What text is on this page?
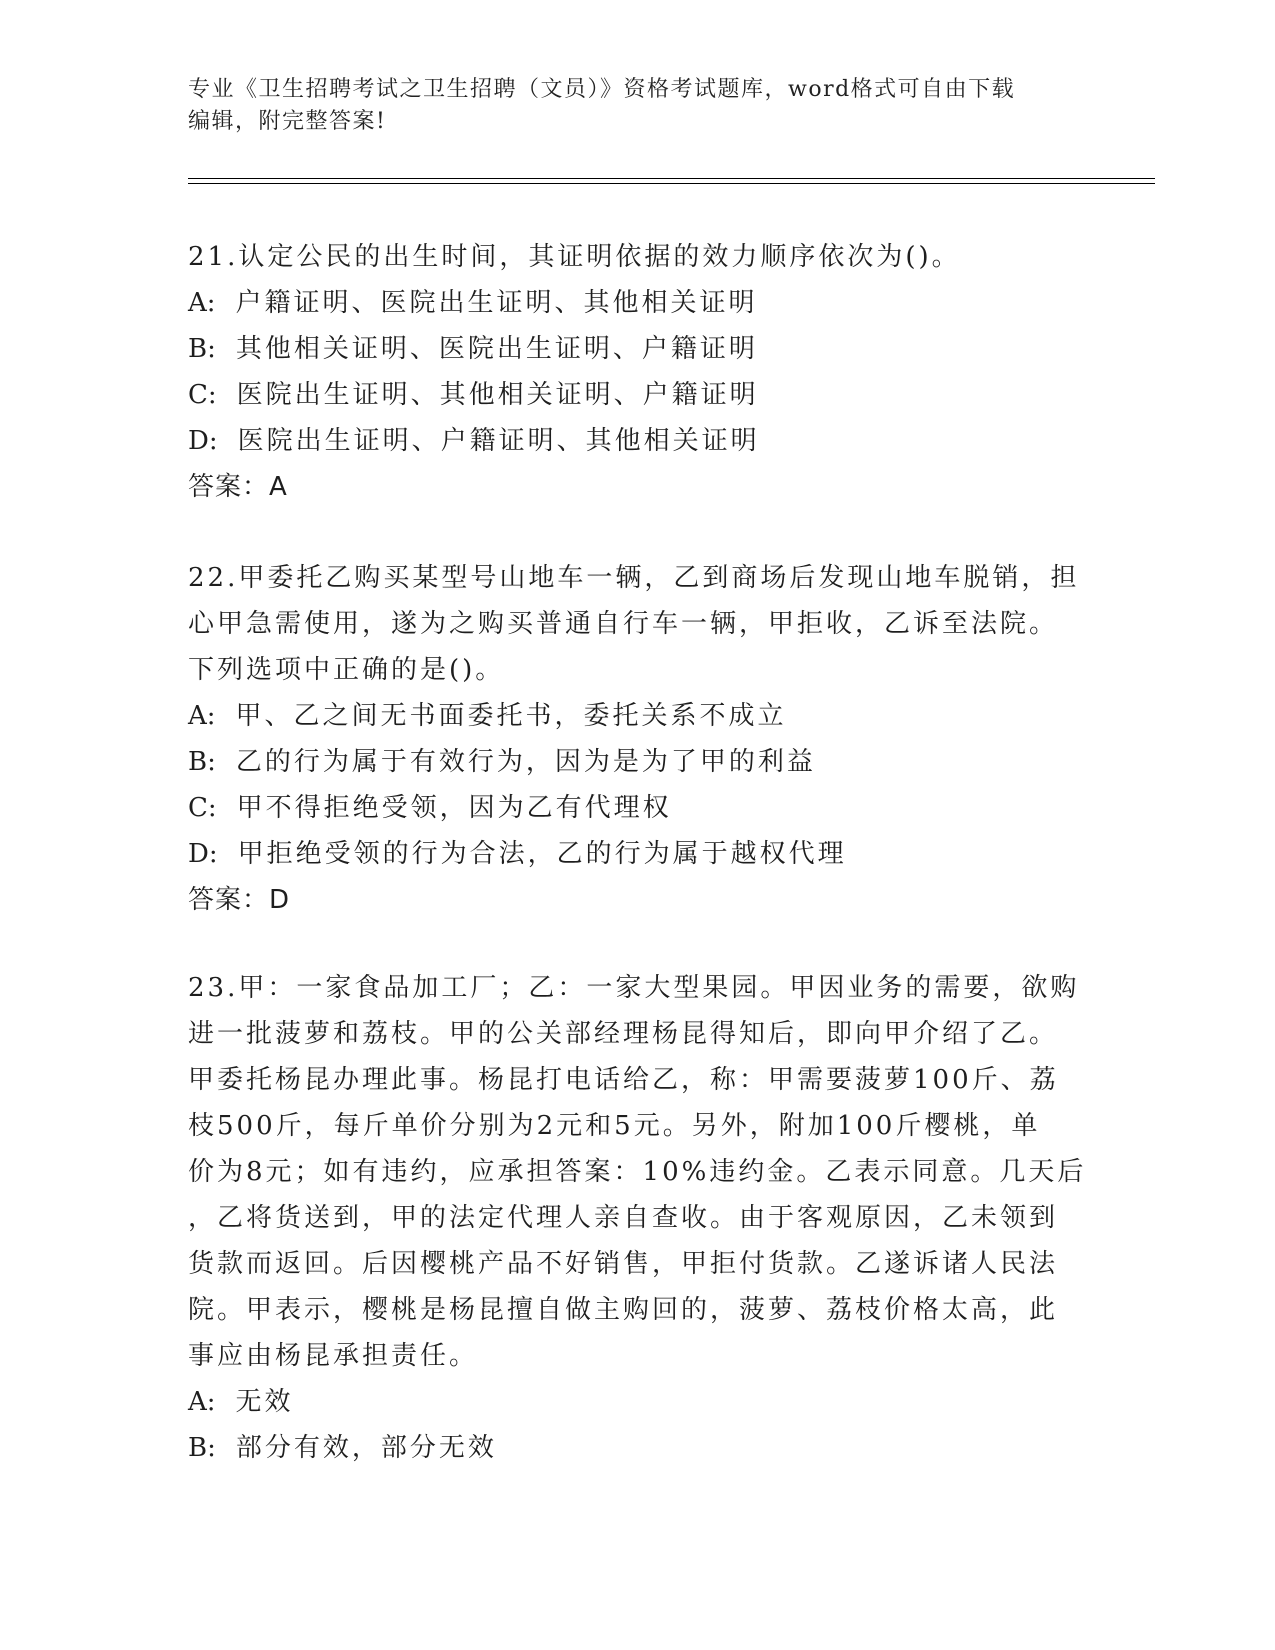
专业《卫生招聘考试之卫生招聘（文员）》资格考试题库，word格式可自由下载
编辑，附完整答案!
21.认定公民的出生时间，其证明依据的效力顺序依次为()。
A: 户籍证明、医院出生证明、其他相关证明
B: 其他相关证明、医院出生证明、户籍证明
C: 医院出生证明、其他相关证明、户籍证明
D: 医院出生证明、户籍证明、其他相关证明
答案：A
22.甲委托乙购买某型号山地车一辆，乙到商场后发现山地车脱销，担
心甲急需使用，遂为之购买普通自行车一辆，甲拒收，乙诉至法院。
下列选项中正确的是()。
A: 甲、乙之间无书面委托书，委托关系不成立
B: 乙的行为属于有效行为，因为是为了甲的利益
C: 甲不得拒绝受领，因为乙有代理权
D: 甲拒绝受领的行为合法，乙的行为属于越权代理
答案：D
23.甲：一家食品加工厂；乙：一家大型果园。甲因业务的需要，欲购
进一批菠萝和荔枝。甲的公关部经理杨昆得知后，即向甲介绍了乙。
甲委托杨昆办理此事。杨昆打电话给乙，称：甲需要菠萝100斤、荔
枝500斤，每斤单价分别为2元和5元。另外，附加100斤樱桃，单
价为8元；如有违约，应承担答案：10%违约金。乙表示同意。几天后
，乙将货送到，甲的法定代理人亲自查收。由于客观原因，乙未领到
货款而返回。后因樱桃产品不好销售，甲拒付货款。乙遂诉诸人民法
院。甲表示，樱桃是杨昆擅自做主购回的，菠萝、荔枝价格太高，此
事应由杨昆承担责任。
A: 无效
B: 部分有效，部分无效
